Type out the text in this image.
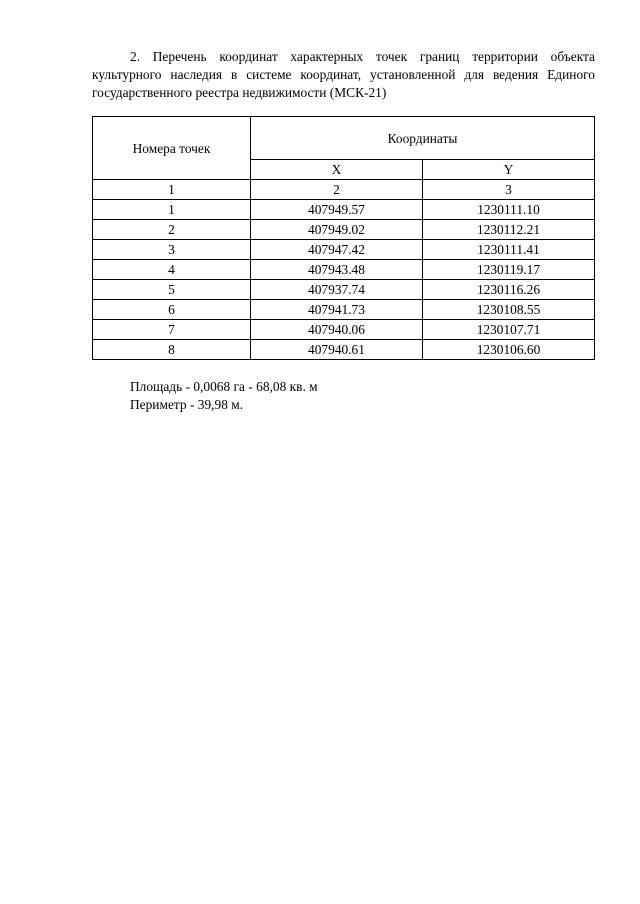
2. Перечень координат характерных точек границ территории объекта культурного наследия в системе координат, установленной для ведения Единого государственного реестра недвижимости (МСК-21)

Номера точек	Координаты	
	X	Y
1	2	3
1	407949.57	1230111.10
2	407949.02	1230112.21
3	407947.42	1230111.41
4	407943.48	1230119.17
5	407937.74	1230116.26
6	407941.73	1230108.55
7	407940.06	1230107.71
8	407940.61	1230106.60
Площадь - 0,0068 га - 68,08 кв. м
Периметр - 39,98 м.
